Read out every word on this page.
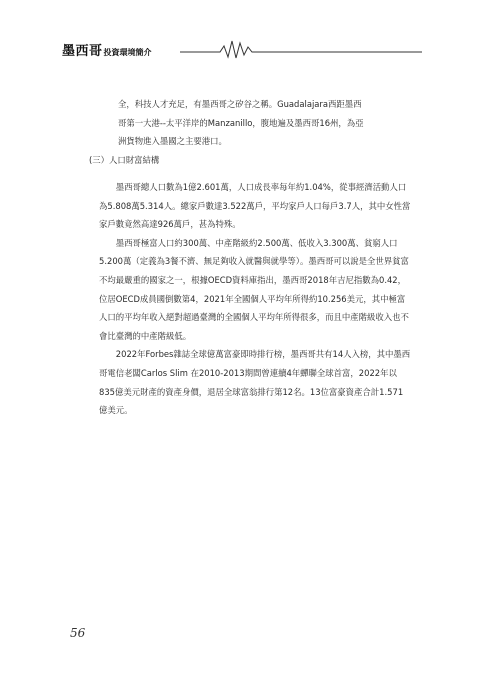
墨西哥投資環境簡介

全，科技人才充足，有墨西哥之矽谷之稱。Guadalajara西距墨西

哥第一大港--太平洋岸的Manzanillo，腹地遍及墨西哥16州，為亞

洲貨物進入墨國之主要港口。

(三）人口財富結構

墨西哥總人口數為1億2.601萬，人口成長率每年約1.04%，從事經濟活動人口為5.808萬5.314人。總家戶數達3.522萬戶，平均家戶人口每戶3.7人，其中女性當家戶數竟然高達926萬戶，甚為特殊。

墨西哥極富人口約300萬、中產階級約2.500萬、低收入3.300萬、貧窮人口5.200萬（定義為3餐不濟、無足夠收入就醫與就學等）。墨西哥可以說是全世界貧富不均最嚴重的國家之一，根據OECD資料庫指出，墨西哥2018年吉尼指數為0.42，位居OECD成員國倒數第4，2021年全國個人平均年所得約10.256美元，其中極富人口的平均年收入絕對超過臺灣的全國個人平均年所得很多，而且中產階級收入也不會比臺灣的中產階級低。

2022年Forbes雜誌全球億萬富豪即時排行榜，墨西哥共有14人入榜，其中墨西哥電信老闆Carlos Slim 在2010-2013期間曾連續4年蟬聯全球首富，2022年以835億美元財產的資產身價，退居全球富翁排行第12名。13位富豪資產合計1.571億美元。

56
